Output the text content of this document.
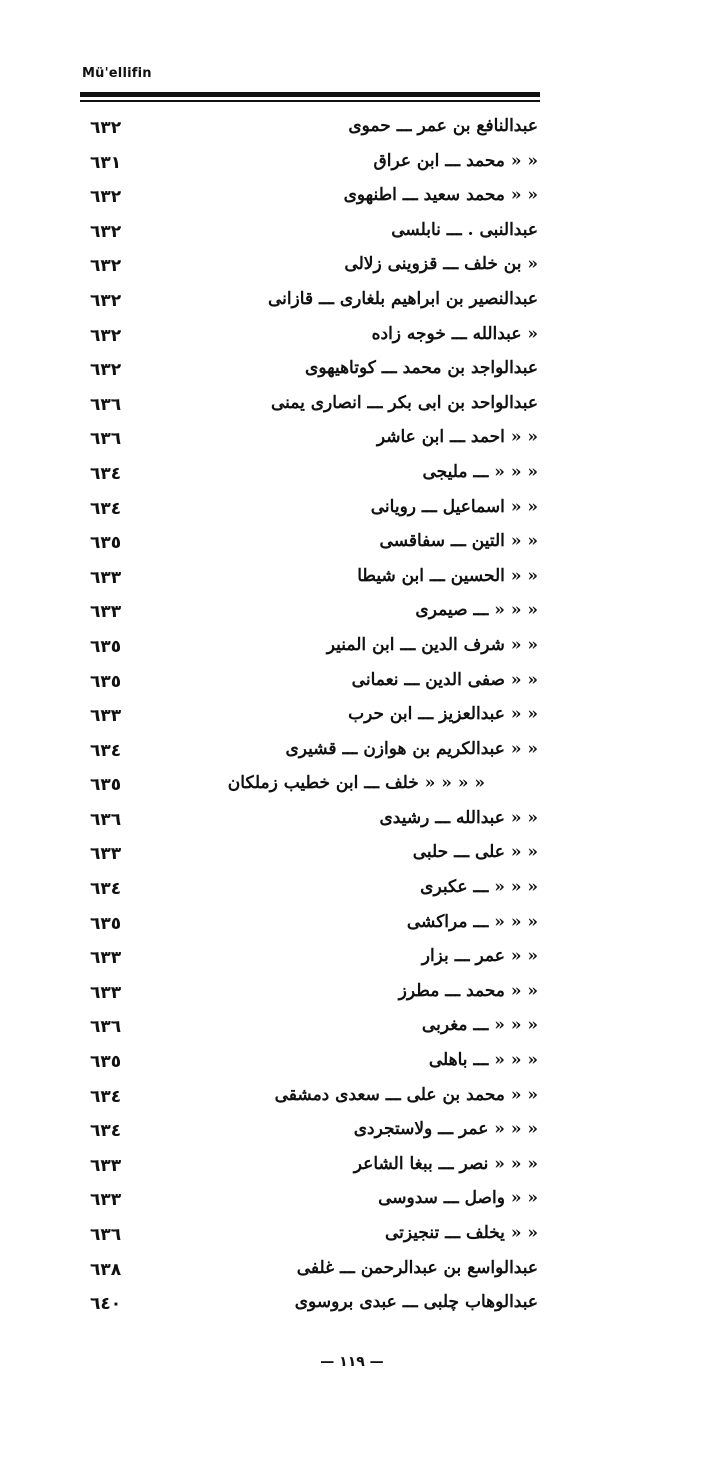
Mü'ellifin
٦٣٢	عبدالنافع بن عمر ـــ حموى
٦٣١	« « محمد ـــ ابن عراق
٦٣٢	« « محمد سعيد ـــ اطنهوى
٦٣٢	عبدالنبى . ـــ نابلسى
٦٣٢	« بن خلف ـــ قزوينى زلالى
٦٣٢	عبدالنصير بن ابراهيم بلغارى ـــ قازانى
٦٣٢	« عبدالله ـــ خوجه زاده
٦٣٢	عبدالواجد بن محمد ـــ كوتاهيهوى
٦٣٦	عبدالواحد بن ابى بكر ـــ انصارى يمنى
٦٣٦	« « احمد ـــ ابن عاشر
٦٣٤	« « « ـــ مليجى
٦٣٤	« « اسماعيل ـــ رويانى
٦٣٥	« « التين ـــ سفاقسى
٦٣٣	« « الحسين ـــ ابن شيطا
٦٣٣	« « « ـــ صيمرى
٦٣٥	« « شرف الدين ـــ ابن المنير
٦٣٥	« « صفى الدين ـــ نعمانى
٦٣٣	« « عبدالعزيز ـــ ابن حرب
٦٣٤	« « عبدالكريم بن هوازن ـــ قشيرى
٦٣٥	« « « « خلف ـــ ابن خطيب زملكان
٦٣٦	« « عبدالله ـــ رشيدى
٦٣٣	« « على ـــ حلبى
٦٣٤	« « « ـــ عكبرى
٦٣٥	« « « ـــ مراكشى
٦٣٣	« « عمر ـــ بزار
٦٣٣	« « محمد ـــ مطرز
٦٣٦	« « « ـــ مغربى
٦٣٥	« « « ـــ باهلى
٦٣٤	« « محمد بن على ـــ سعدى دمشقى
٦٣٤	« « « عمر ـــ ولاستجردى
٦٣٣	« « « نصر ـــ ببغا الشاعر
٦٣٣	« « واصل ـــ سدوسى
٦٣٦	« « يخلف ـــ تنجيزتى
٦٣٨	عبدالواسع بن عبدالرحمن ـــ غلفى
٦٤٠	عبدالوهاب چلبى ـــ عبدى بروسوى
— ١١٩ —
